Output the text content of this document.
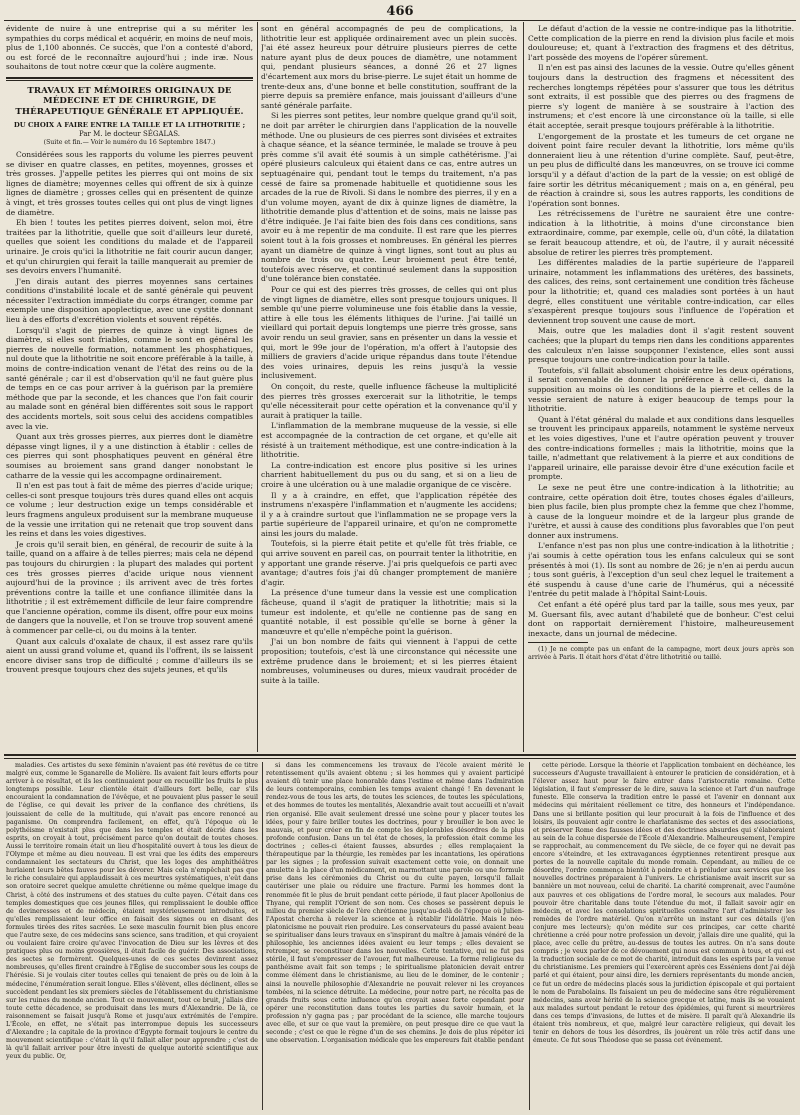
466

évidente de nuire à une entreprise qui a su mériter les sympathies du corps médical et acquérir, en moins de neuf mois, plus de 1,100 abonnés. Ce succès, que l'on a contesté d'abord, ou est forcé de le reconnaître aujourd'hui ; inde iræ. Nous souhaitons de tout notre cœur que la colère augmente.

TRAVAUX ET MÉMOIRES ORIGINAUX DE MÉDECINE ET DE CHIRURGIE, DE THÉRAPEUTIQUE GÉNÉRALE ET APPLIQUÉE.
DU CHOIX A FAIRE ENTRE LA TAILLE ET LA LITHOTRITIE ;
Par M. le docteur SÉGALAS.
(Suite et fin.— Voir le numéro du 16 Septembre 1847.)

Considérées sous les rapports du volume les pierres peuvent se diviser en quatre classes, en petites, moyennes, grosses et très grosses. J'appelle petites les pierres qui ont moins de six lignes de diamètre; moyennes celles qui offrent de six à quinze lignes de diamètre ; grosses celles qui en présentent de quinze à vingt, et très grosses toutes celles qui ont plus de vingt lignes de diamètre.

Eh bien ! toutes les petites pierres doivent, selon moi, être traitées par la lithotritie, quelle que soit d'ailleurs leur dureté, quelles que soient les conditions du malade et de l'appareil urinaire. Je crois qu'ici la lithotritie ne fait courir aucun danger, et qu'un chirurgien qui ferait la taille manquerait au premier de ses devoirs envers l'humanité.

J'en dirais autant des pierres moyennes sans certaines conditions d'instabilité locale et de santé générale qui peuvent nécessiter l'extraction immédiate du corps étranger, comme par exemple une disposition apoplectique, avec une cystite donnant lieu à des efforts d'excrétion violents et souvent répétés.

Lorsqu'il s'agit de pierres de quinze à vingt lignes de diamètre, si elles sont friables, comme le sont en général les pierres de nouvelle formation, notamment les phosphatiques, nul doute que la lithotritie ne soit encore préférable à la taille, à moins de contre-indication venant de l'état des reins ou de la santé générale ; car il est d'observation qu'il ne faut guère plus de temps en ce cas pour arriver à la guérison par la première méthode que par la seconde, et les chances que l'on fait courir au malade sont en général bien différentes soit sous le rapport des accidents mortels, soit sous celui des accidens compatibles avec la vie.

Quant aux très grosses pierres, aux pierres dont le diamètre dépasse vingt lignes, il y a une distinction à établir : celles de ces pierres qui sont phosphatiques peuvent en général être soumises au broiement sans grand danger nonobstant le catharre de la vessie qui les accompagne ordinairement.

Il n'en est pas tout à fait de même des pierres d'acide urique; celles-ci sont presque toujours très dures quand elles ont acquis ce volume ; leur destruction exige un temps considérable et leurs fragmens anguleux produisent sur la membrane muqueuse de la vessie une irritation qui ne retenait que trop souvent dans les reins et dans les voies digestives.

Je crois qu'il serait bien, en général, de recourir de suite à la taille, quand on a affaire à de telles pierres; mais cela ne dépend pas toujours du chirurgien : la plupart des malades qui portent ces très grosses pierres d'acide urique nous viennent aujourd'hui de la province ; ils arrivent avec de très fortes préventions contre la taille et une confiance illimitée dans la lithotritie ; il est extrêmement difficile de leur faire comprendre que l'ancienne opération, comme ils disent, offre pour eux moins de dangers que la nouvelle, et l'on se trouve trop souvent amené à commencer par celle-ci, ou du moins à la tenter.

Quant aux calculs d'oxalate de chaux, il est assez rare qu'ils aient un aussi grand volume et, quand ils l'offrent, ils se laissent encore diviser sans trop de difficulté ; comme d'ailleurs ils se trouvent presque toujours chez des sujets jeunes, et qu'ils

sont en général accompagnés de peu de complications, la lithotritie leur est appliquée ordinairement avec un plein succès. J'ai été assez heureux pour détruire plusieurs pierres de cette nature ayant plus de deux pouces de diamètre, une notamment qui, pendant plusieurs séances, a donné 26 et 27 lignes d'écartement aux mors du brise-pierre. Le sujet était un homme de trente-deux ans, d'une bonne et belle constitution, souffrant de la pierre depuis sa première enfance, mais jouissant d'ailleurs d'une santé générale parfaite.

Si les pierres sont petites, leur nombre quelque grand qu'il soit, ne doit par arrêter le chirurgien dans l'application de la nouvelle méthode. Une ou plusieurs de ces pierres sont divisées et extraites à chaque séance, et la séance terminée, le malade se trouve à peu près comme s'il avait été soumis à un simple cathétérisme. J'ai opéré plusieurs calculeux qui étaient dans ce cas, entre autres un septuagénaire qui, pendant tout le temps du traitement, n'a pas cessé de faire sa promenade habituelle et quotidienne sous les arcades de la rue de Rivoli. Si dans le nombre des pierres, il y en a d'un volume moyen, ayant de dix à quinze lignes de diamètre, la lithotritie demande plus d'attention et de soins, mais ne laisse pas d'être indiquée. Je l'ai faite bien des fois dans ces conditions, sans avoir eu à me repentir de ma conduite. Il est rare que les pierres soient tout à la fois grosses et nombreuses. En général les pierres ayant un diamètre de quinze à vingt lignes, sont tout au plus au nombre de trois ou quatre. Leur broiement peut être tenté, toutefois avec réserve, et continué seulement dans la supposition d'une tolérance bien constatée.

Pour ce qui est des pierres très grosses, de celles qui ont plus de vingt lignes de diamètre, elles sont presque toujours uniques. Il semble qu'une pierre volumineuse une fois établie dans la vessie, attire à elle tous les éléments lithiques de l'urine. J'ai taillé un vieillard qui portait depuis longtemps une pierre très grosse, sans avoir rendu un seul gravier, sans en présenter un dans la vessie et qui, mort le 99e jour de l'opération, m'a offert à l'autopsie des milliers de graviers d'acide urique répandus dans toute l'étendue des voies urinaires, depuis les reins jusqu'à la vessie inclusivement.

On conçoit, du reste, quelle influence fâcheuse la multiplicité des pierres très grosses exercerait sur la lithotritie, le temps qu'elle nécessiterait pour cette opération et la convenance qu'il y aurait à pratiquer la taille.

L'inflammation de la membrane muqueuse de la vessie, si elle est accompagnée de la contraction de cet organe, et qu'elle ait résisté à un traitement méthodique, est une contre-indication à la lithotritie.

La contre-indication est encore plus positive si les urines charrient habituellement du pus ou du sang, et si on a lieu de croire à une ulcération ou à une maladie organique de ce viscère.

Il y a à craindre, en effet, que l'application répétée des instrumens n'exaspère l'inflammation et n'augmente les accidens; il y a à craindre surtout que l'inflammation ne se propage vers la partie supérieure de l'appareil urinaire, et qu'on ne compromette ainsi les jours du malade.

Toutefois, si la pierre était petite et qu'elle fût très friable, ce qui arrive souvent en pareil cas, on pourrait tenter la lithotritie, en y apportant une grande réserve. J'ai pris quelquefois ce parti avec avantage; d'autres fois j'ai dû changer promptement de manière d'agir.

La présence d'une tumeur dans la vessie est une complication fâcheuse, quand il s'agit de pratiquer la lithotritie; mais si la tumeur est indolente, et qu'elle ne contienne pas de sang en quantité notable, il est possible qu'elle se borne à gêner la manœuvre et qu'elle n'empêche point la guérison.

J'ai un bon nombre de faits qui viennent à l'appui de cette proposition; toutefois, c'est là une circonstance qui nécessite une extrême prudence dans le broiement; et si les pierres étaient nombreuses, volumineuses ou dures, mieux vaudrait procéder de suite à la taille.

Le défaut d'action de la vessie ne contre-indique pas la lithotritie. Cette complication de la pierre en rend la division plus facile et mois douloureuse; et, quant à l'extraction des fragmens et des détritus, l'art possède des moyens de l'opérer sûrement.

Il n'en est pas ainsi des lacunes de la vessie. Outre qu'elles gênent toujours dans la destruction des fragmens et nécessitent des recherches longtemps répétées pour s'assurer que tous les détritus sont extraits, il est possible que des pierres ou des fragmens de pierre s'y logent de manière à se soustraire à l'action des instrumens; et c'est encore là une circonstance où la taille, si elle était acceptée, serait presque toujours préférable à la lithotritie.

L'engorgement de la prostate et les tumeurs de cet organe ne doivent point faire reculer devant la lithotritie, lors même qu'ils donneraient lieu à une rétention d'urine complète. Sauf, peut-être, un peu plus de difficulté dans les manœuvres, on se trouve ici comme lorsqu'il y a défaut d'action de la part de la vessie; on est obligé de faire sortir les détritus mécaniquement ; mais on a, en général, peu de réaction à craindre si, sous les autres rapports, les conditions de l'opération sont bonnes.

Les rétrécissemens de l'urètre ne sauraient être une contre-indication à la lithotritie, à moins d'une circonstance bien extraordinaire, comme, par exemple, celle où, d'un côté, la dilatation se ferait beaucoup attendre, et où, de l'autre, il y aurait nécessité absolue de retirer les pierres très promptement.

Les différentes maladies de la partie supérieure de l'appareil urinaire, notamment les inflammations des urétères, des bassinets, des calices, des reins, sont certainement une condition très fâcheuse pour la lithotritie; et, quand ces maladies sont portées à un haut degré, elles constituent une véritable contre-indication, car elles s'exaspèrent presque toujours sous l'influence de l'opération et deviennent trop souvent une cause de mort.

Mais, outre que les maladies dont il s'agit restent souvent cachées; que la plupart du temps rien dans les conditions apparentes des calculeux n'en laisse soupçonner l'existence, elles sont aussi presque toujours une contre-indication pour la taille.

Toutefois, s'il fallait absolument choisir entre les deux opérations, il serait convenable de donner la préférence à celle-ci, dans la supposition au moins où les conditions de la pierre et celles de la vessie seraient de nature à exiger beaucoup de temps pour la lithotritie.

Quant à l'état général du malade et aux conditions dans lesquelles se trouvent les principaux appareils, notamment le système nerveux et les voies digestives, l'une et l'autre opération peuvent y trouver des contre-indications formelles ; mais la lithotritie, moins que la taille, n'admettant que relativement à la pierre et aux conditions de l'appareil urinaire, elle paraisse devoir être d'une exécution facile et prompte.

Le sexe ne peut être une contre-indication à la lithotritie; au contraire, cette opération doit être, toutes choses égales d'ailleurs, bien plus facile, bien plus prompte chez la femme que chez l'homme, à cause de la longueur moindre et de la largeur plus grande de l'urètre, et aussi à cause des conditions plus favorables que l'on peut donner aux instrumens.

L'enfance n'est pas non plus une contre-indication à la lithotritie ; j'ai soumis à cette opération tous les enfans calculeux qui se sont présentés à moi (1). Ils sont au nombre de 26; je n'en ai perdu aucun ; tous sont guéris, à l'exception d'un seul chez lequel le traitement a été suspendu à cause d'une carie de l'humérus, qui a nécessité l'entrée du petit malade à l'hôpital Saint-Louis.

Cet enfant a été opéré plus tard par la taille, sous mes yeux, par M. Guersant fils, avec autant d'habileté que de bonheur. C'est celui dont on rapportait dernièrement l'histoire, malheureusement inexacte, dans un journal de médecine.

(1) Je ne compte pas un enfant de la campagne, mort deux jours après son arrivée à Paris. Il était hors d'état d'être lithotritié ou taillé.

maladies. Ces artistes du sexe féminin n'avaient pas été revêtus de ce titre malgré eux, comme le Sganarelle de Molière. Ils avaient fait leurs efforts pour arriver à ce résultat, et ils les continuaient pour en recueillir les fruits le plus longtemps possible. Leur clientèle était d'ailleurs fort belle, car s'ils encouraient la condamnation de l'évêque, et ne pouvaient plus passer le seuil de l'église, ce qui devait les priver de la confiance des chrétiens, ils jouissaient de celle de la multitude, qui n'avait pas encore renoncé au paganisme. On comprendra facilement, en effet, qu'à l'époque où le polythéisme n'existait plus que dans les temples et était décrié dans les esprits, on croyait à tout, précisément parce qu'on doutait de toutes choses. Aussi le territoire romain était un lieu d'hospitalité ouvert à tous les dieux de l'Olympe et même au dieu nouveau. Il est vrai que les édits des empereurs condamnaient les sectateurs du Christ, que les loges des amphithéâtres hurlaient leurs bêtes fauves pour les dévorer. Mais cela n'empêchait pas que le riche consulaire qui applaudissait à ces meurtres systématiques, n'eût dans son oratoire secret quelque amulette chrétienne ou même quelque image du Christ, à côté des instrumens et des statues du culte payen. C'était dans ces temples domestiques que ces jeunes filles, qui remplissaient le double office de devineresses et de médecin, étaient mystérieusement introduites, et qu'elles remplissaient leur office en faisait des signes ou en disant des formules tirées des rites sacrées. Le sexe masculin fournit bien plus encore que l'autre sexe, de ces médecins sans science, sans tradition, et qui croyaient ou voulaient faire croire qu'avec l'invocation de Dieu sur les lèvres et des pratiques plus ou moins grossières, il était facile de guérir. Des associations, des sectes se formèrent. Quelques-unes de ces sectes devinrent assez nombreuses, qu'elles firent craindre à l'Église de succomber sous les coups de l'hérésie. Si je voulais citer toutes celles qui tenaient de près ou de loin à la médecine, l'énumération serait longue. Elles s'élèvent, elles déclinent, elles se succèdent pendant les six premiers siècles de l'établissement du christianisme sur les ruines du monde ancien. Tout ce mouvement, tout ce bruit, j'allais dire toute cette décadence, se produisait dans les murs d'Alexandrie. De là, ce raisonnement se faisait jusqu'à Rome et jusqu'aux extrémités de l'empire. L'École, en effet, ne s'était pas interrompue depuis les successeurs d'Alexandre ; la capitale de la province d'Égypte formait toujours le centre du mouvement scientifique : c'était là qu'il fallait aller pour apprendre ; c'est de là qu'il fallait arriver pour être investi de quelque autorité scientifique aux yeux du public. Or,

si dans les commencemens les travaux de l'école avaient mérité le retentissement qu'ils avaient obtenu ; si les hommes qui y avaient participé avaient dû tenir une place honorable dans l'estime et même dans l'admiration de leurs contemporains, combien les temps avaient changé ! En devenant le rendez-vous de tous les arts, de toutes les sciences, de toutes les spéculations, et des hommes de toutes les mentalités, Alexandrie avait tout accueilli et n'avait rien organisé. Elle avait seulement dressé une scène pour y placer toutes les idées, pour y faire briller toutes les doctrines, pour y brouiller le bon avec le mauvais, et pour créer en fin de compte les déplorables désordres de la plus profonde confusion. Dans un tel état de choses, la profession était comme les doctrines ; celles-ci étaient fausses, absurdes ; elles remplaçaient la thérapeutique par la théurgie, les remèdes par les incantations, les opérations par les signes ; la profession suivait exactement cette voie, on donnait une amulette à la place d'un médicament, en marmottant une parole ou une formule prise dans les cérémonies du Christ ou du culte payen, lorsqu'il fallait cautériser une plaie ou réduire une fracture. Parmi les hommes dont la renommée fit le plus de bruit pendant cette période, il faut placer Apollonius de Thyane, qui remplit l'Orient de son nom. Ces choses se passèrent depuis le milieu du premier siècle de l'ère chrétienne jusqu'au-delà de l'époque où Julien-l'Apostat chercha à relever la science et à rétablir l'idolâtrie. Mais le néo-platonicisme ne pouvait rien produire. Les conservateurs du passé avaient beau se spiritualiser dans leurs travaux en s'inspirant du maître à jamais vénéré de la philosophie, les anciennes idées avaient eu leur temps ; elles devaient se retremper, se reconstituer dans les nouvelles. Cette tentative, qui ne fut pas stérile, il faut s'empresser de l'avouer, fut malheureuse. La forme religieuse du panthéisme avait fait son temps ; le spiritualisme platonicien devait entrer comme élément dans le christianisme, au lieu de le dominer, de le contenir ; ainsi la nouvelle philosophie d'Alexandrie ne pouvait relever ni les croyances tombées, ni la science détruite. La médecine, pour notre part, ne récolta pas de grands fruits sous cette influence qu'on croyait assez forte cependant pour opérer une reconstitution dans toutes les parties du savoir humain, et la profession n'y gagna pas ; par procédant de la science, elle marche toujours avec elle, et sur ce que vaut la première, on peut presque dire ce que vaut la seconde ; c'est ce que le règne d'un de ses chemins. Je dois de plus répéter ici une observation. L'organisation médicale que les empereurs fait établie pendant

cette période. Lorsque la théorie et l'application tombaient en déchéance, les successeurs d'Auguste travaillaient à entourer le praticien de considération, et à l'élever assez haut pour le faire entrer dans l'aristocratie romaine. Cette législation, il faut s'empresser de le dire, sauva la science et l'art d'un naufrage funeste. Elle conserva la tradition entre le passé et l'avenir en donnant aux médecins qui méritaient réellement ce titre, des honneurs et l'indépendance. Dans une si brillante position qui leur procurait à la fois de l'influence et des loisirs, ils pouvaient agir contre le charlatanisme des sectes et des associations, et préserver Rome des fausses idées et des doctrines absurdes qui s'élaboraient au sein de la cohue dispersée de l'École d'Alexandrie. Malheureusement, l'empire se rapprochait, au commencement du IVe siècle, de ce foyer qui ne devait pas encore s'éteindre, et les extravagances égyptiennes retentirent presque aux portes de la nouvelle capitale du monde romain. Cependant, au milieu de ce désordre, l'ordre commença bientôt à poindre et à préluder aux services que les nouvelles doctrines préparaient à l'univers. Le christianisme avait inscrit sur sa bannière un mot nouveau, celui de charité. La charité comprenait, avec l'aumône aux pauvres et ces obligations de l'ordre moral, le secours aux malades. Pour pouvoir être charitable dans toute l'étendue du mot, il fallait savoir agir en médecin, et avec les consolations spirituelles connaître l'art d'administrer les remèdes de l'ordre matériel. Qu'on n'arrête un instant sur ces détails (j'en conjure mes lecteurs); qu'on médite sur ces principes, car cette charité chrétienne a créé pour notre profession un devoir, j'allais dire une qualité, qui la place, avec celle du prêtre, au-dessus de toutes les autres. On n'a sans doute compris ; je veux parler de ce dévouement qui nous est commun à tous, et qui est la traduction sociale de ce mot de charité, introduit dans les esprits par la venue du christianisme. Les premiers qui l'exercèrent après ces Esséniens dont j'ai déjà parlé et qui étaient, pour ainsi dire, les derniers représentants du monde ancien, ce fut un ordre de médecins placés sous la juridiction épiscopale et qui portaient le nom de Parabolains. Ils faisaient un peu de médecine sans être régulièrement médecins, sans avoir hérité de la science grecque et latine, mais ils se vouaient aux malades surtout pendant le retour des épidémies, qui furent si meurtrières dans ces temps d'invasions, de luttes et de misère. Il paraît qu'à Alexandrie ils étaient très nombreux, et que, malgré leur caractère religieux, qui devait les tenir en dehors de tous les désordres, ils jouèrent un rôle très actif dans une émeute. Ce fut sous Théodose que se passa cet événement.
